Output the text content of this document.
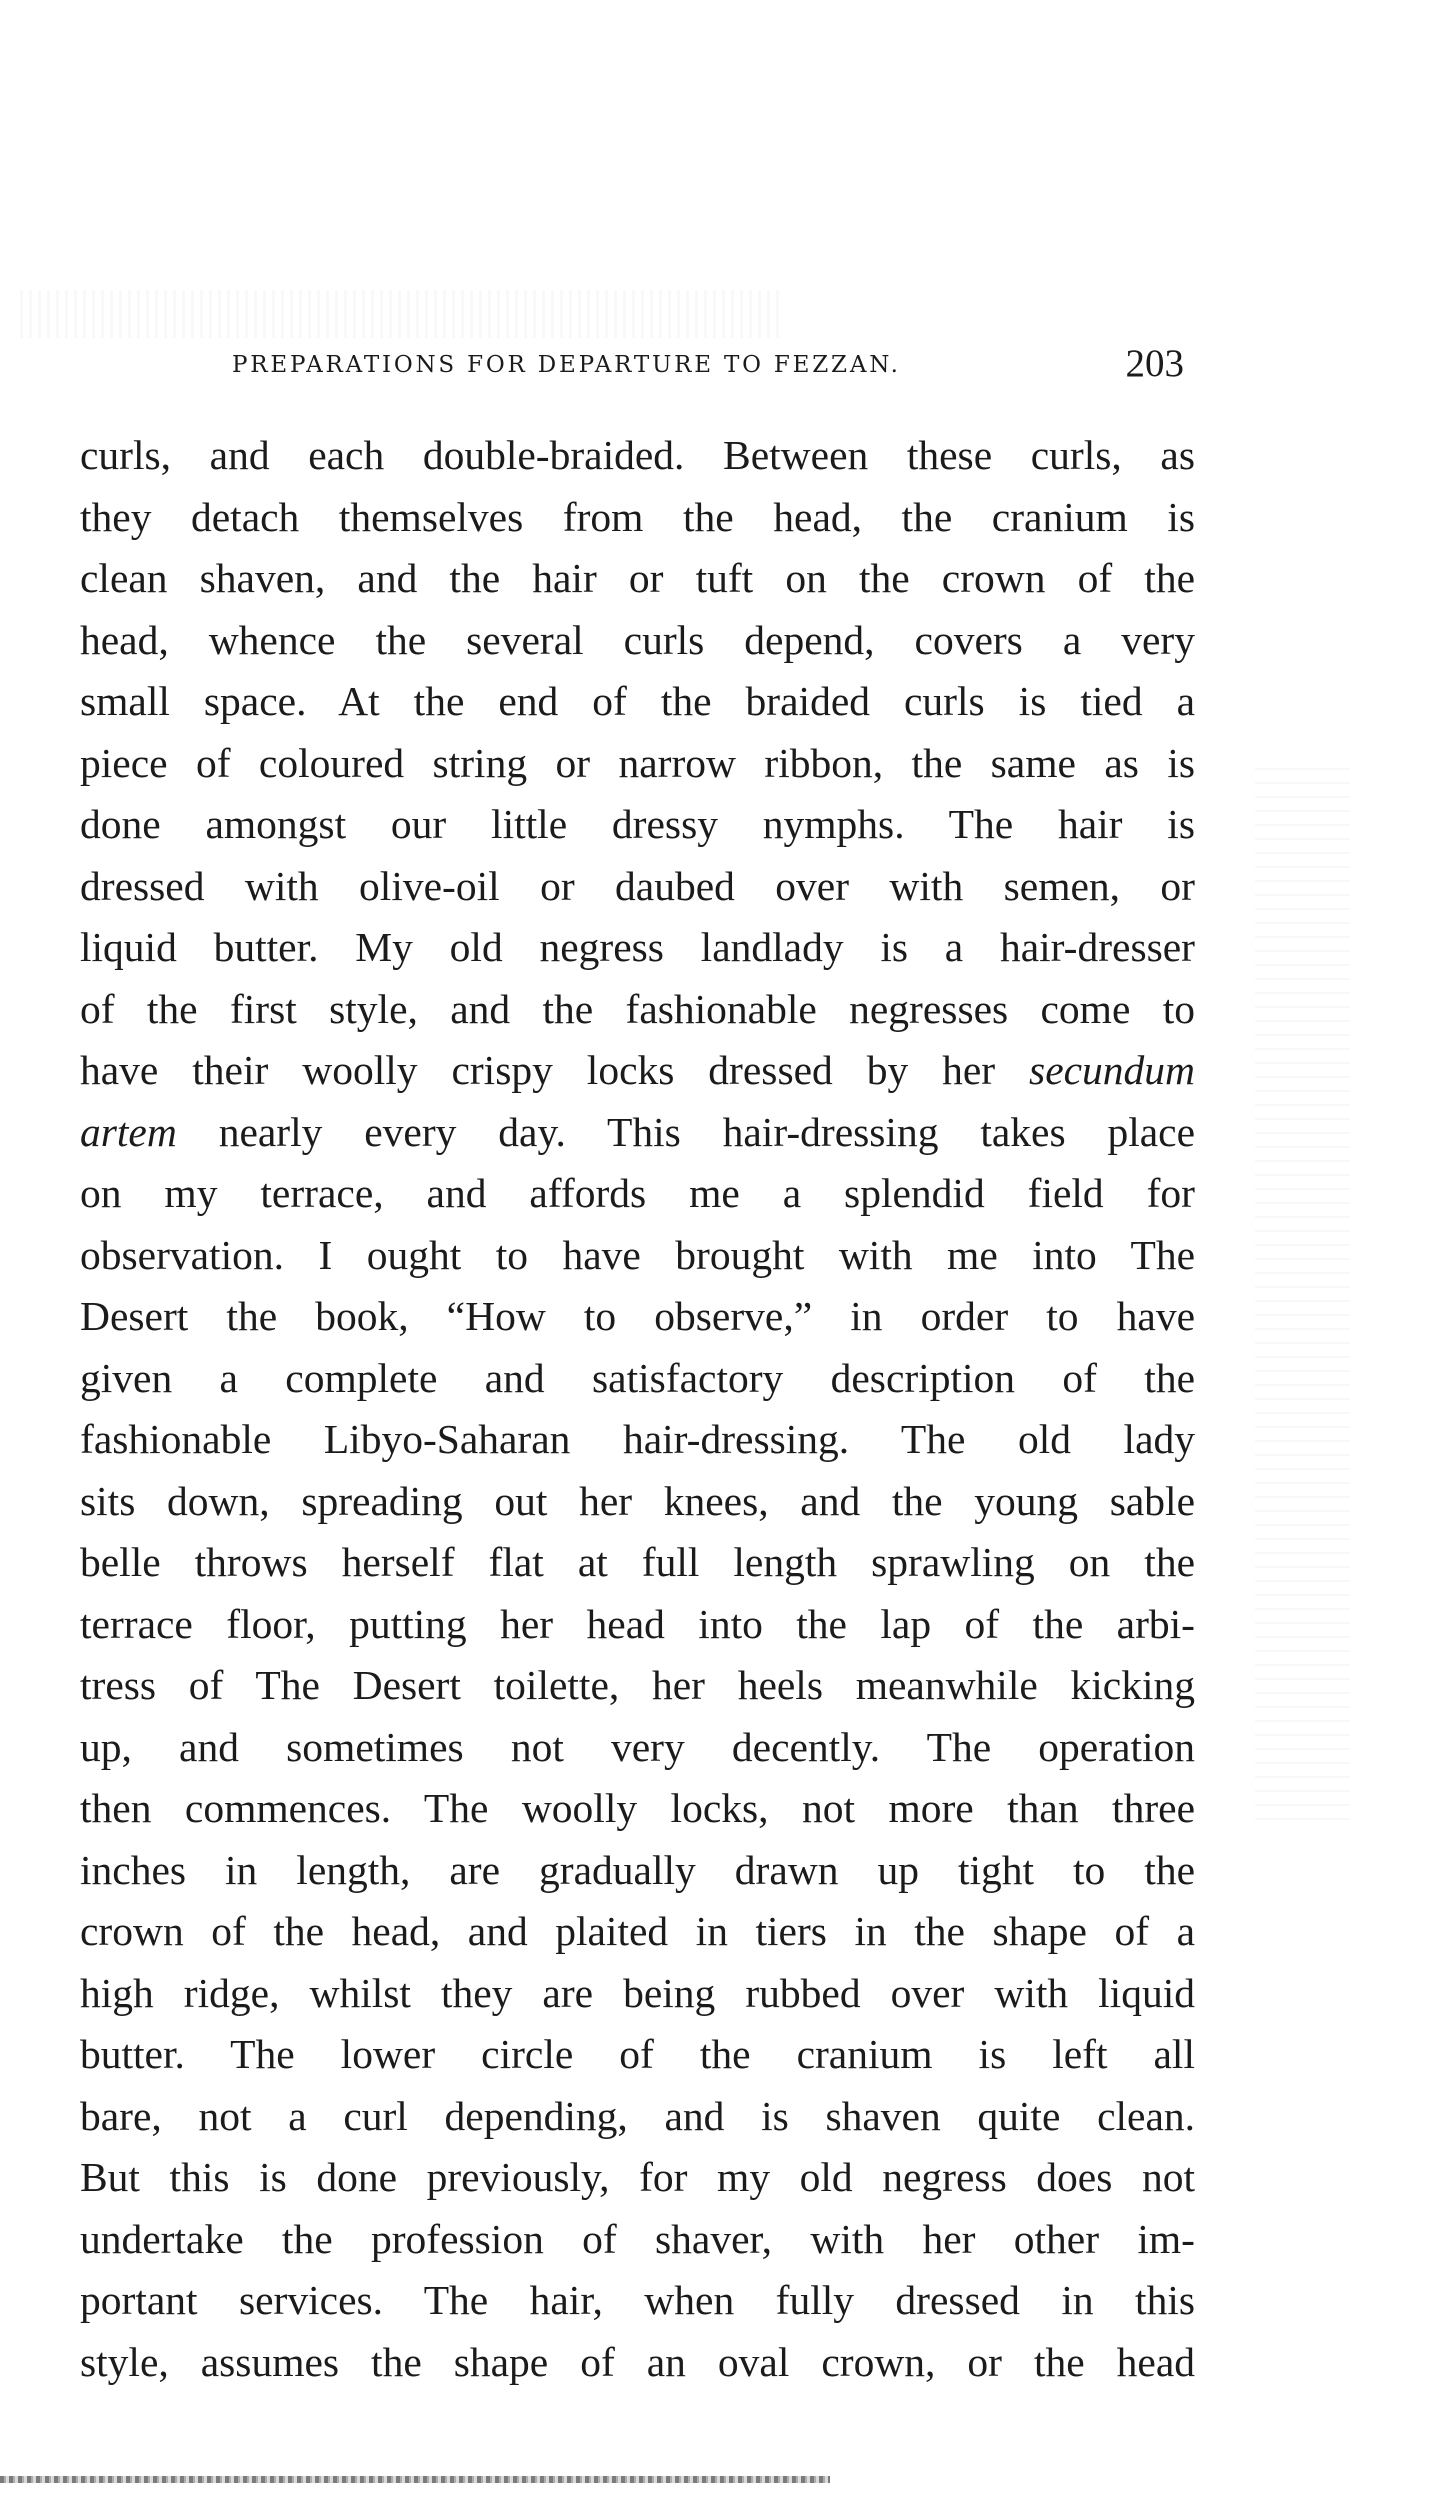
PREPARATIONS FOR DEPARTURE TO FEZZAN.	203
curls, and each double-braided. Between these curls, as
they detach themselves from the head, the cranium is
clean shaven, and the hair or tuft on the crown of the
head, whence the several curls depend, covers a very
small space. At the end of the braided curls is tied a
piece of coloured string or narrow ribbon, the same as is
done amongst our little dressy nymphs. The hair is
dressed with olive-oil or daubed over with semen, or
liquid butter. My old negress landlady is a hair-dresser
of the first style, and the fashionable negresses come to
have their woolly crispy locks dressed by her secundum
artem nearly every day. This hair-dressing takes place
on my terrace, and affords me a splendid field for
observation. I ought to have brought with me into The
Desert the book, “How to observe,” in order to have
given a complete and satisfactory description of the
fashionable Libyo-Saharan hair-dressing. The old lady
sits down, spreading out her knees, and the young sable
belle throws herself flat at full length sprawling on the
terrace floor, putting her head into the lap of the arbi-
tress of The Desert toilette, her heels meanwhile kicking
up, and sometimes not very decently. The operation
then commences. The woolly locks, not more than three
inches in length, are gradually drawn up tight to the
crown of the head, and plaited in tiers in the shape of a
high ridge, whilst they are being rubbed over with liquid
butter. The lower circle of the cranium is left all
bare, not a curl depending, and is shaven quite clean.
But this is done previously, for my old negress does not
undertake the profession of shaver, with her other im-
portant services. The hair, when fully dressed in this
style, assumes the shape of an oval crown, or the head
